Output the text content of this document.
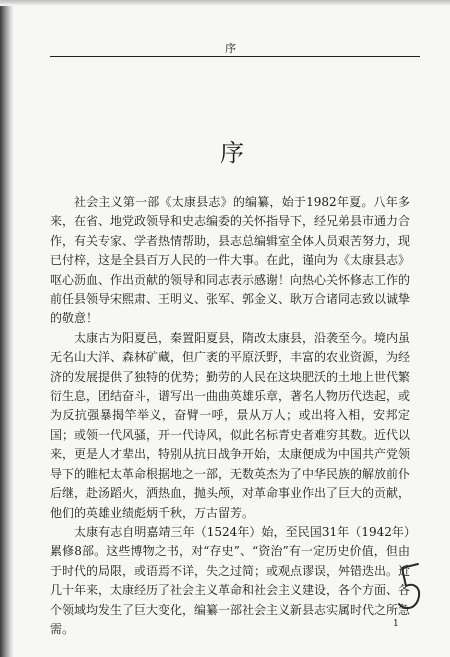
序
序

社会主义第一部《太康县志》的编纂，始于1982年夏。八年多来，在省、地党政领导和史志编委的关怀指导下，经兄弟县市通力合作，有关专家、学者热情帮助，县志总编辑室全体人员艰苦努力，现已付梓，这是全县百万人民的一件大事。在此，谨向为《太康县志》呕心沥血、作出贡献的领导和同志表示感谢！向热心关怀修志工作的前任县领导宋熙肃、王明义、张军、郭金义、耿万合诸同志致以诚挚的敬意！

太康古为阳夏邑，秦置阳夏县，隋改太康县，沿袭至今。境内虽无名山大洋、森林矿藏，但广袤的平原沃野，丰富的农业资源，为经济的发展提供了独特的优势；勤劳的人民在这块肥沃的土地上世代繁衍生息，团结奋斗，谱写出一曲曲英雄乐章，著名人物历代迭起，或为反抗强暴揭竿举义，奋臂一呼，景从万人；或出将入相，安邦定国；或领一代风骚，开一代诗风，似此名标青史者难穷其数。近代以来，更是人才辈出，特别从抗日战争开始，太康便成为中国共产党领导下的睢杞太革命根据地之一部，无数英杰为了中华民族的解放前仆后继，赴汤蹈火，洒热血，抛头颅，对革命事业作出了巨大的贡献，他们的英雄业绩彪炳千秋，万古留芳。

太康有志自明嘉靖三年（1524年）始，至民国31年（1942年）累修8部。这些博物之书，对“存史”、“资治”有一定历史价值，但由于时代的局限，或语焉不详，失之过简；或观点谬误，舛错迭出。近几十年来，太康经历了社会主义革命和社会主义建设，各个方面、各个领域均发生了巨大变化，编纂一部社会主义新县志实属时代之所急需。	1
